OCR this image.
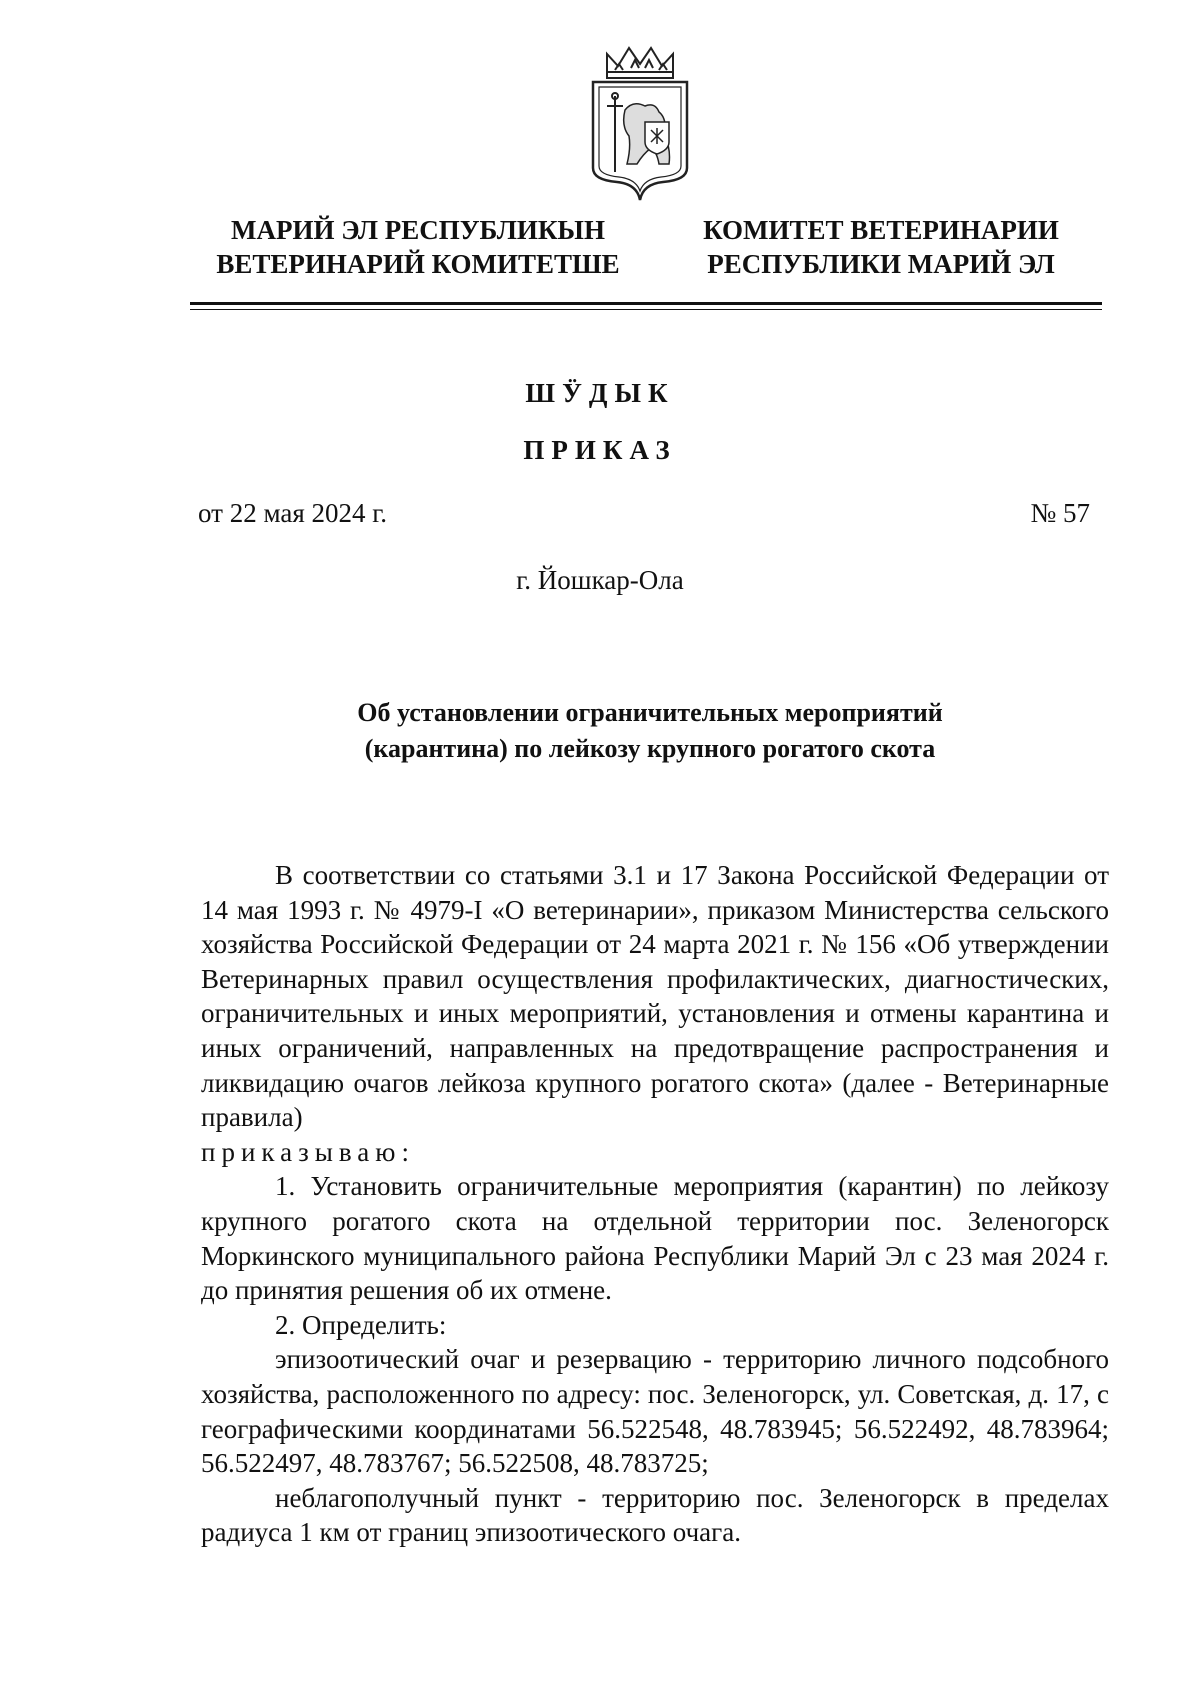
МАРИЙ ЭЛ РЕСПУБЛИКЫН
ВЕТЕРИНАРИЙ КОМИТЕТШЕ
КОМИТЕТ ВЕТЕРИНАРИИ
РЕСПУБЛИКИ МАРИЙ ЭЛ
ШӰДЫК
ПРИКАЗ
от 22 мая 2024 г.	№ 57
г. Йошкар-Ола
Об установлении ограничительных мероприятий
(карантина) по лейкозу крупного рогатого скота

В соответствии со статьями 3.1 и 17 Закона Российской Федерации от 14 мая 1993 г. № 4979-I «О ветеринарии», приказом Министерства сельского хозяйства Российской Федерации от 24 марта 2021 г. № 156 «Об утверждении Ветеринарных правил осуществления профилактических, диагностических, ограничительных и иных мероприятий, установления и отмены карантина и иных ограничений, направленных на предотвращение распространения и ликвидацию очагов лейкоза крупного рогатого скота» (далее - Ветеринарные правила)

приказываю:

1. Установить ограничительные мероприятия (карантин) по лейкозу крупного рогатого скота на отдельной территории пос. Зеленогорск Моркинского муниципального района Республики Марий Эл с 23 мая 2024 г. до принятия решения об их отмене.

2. Определить:

эпизоотический очаг и резервацию - территорию личного подсобного хозяйства, расположенного по адресу: пос. Зеленогорск, ул. Советская, д. 17, с географическими координатами 56.522548, 48.783945; 56.522492, 48.783964; 56.522497, 48.783767; 56.522508, 48.783725;

неблагополучный пункт - территорию пос. Зеленогорск в пределах радиуса 1 км от границ эпизоотического очага.
